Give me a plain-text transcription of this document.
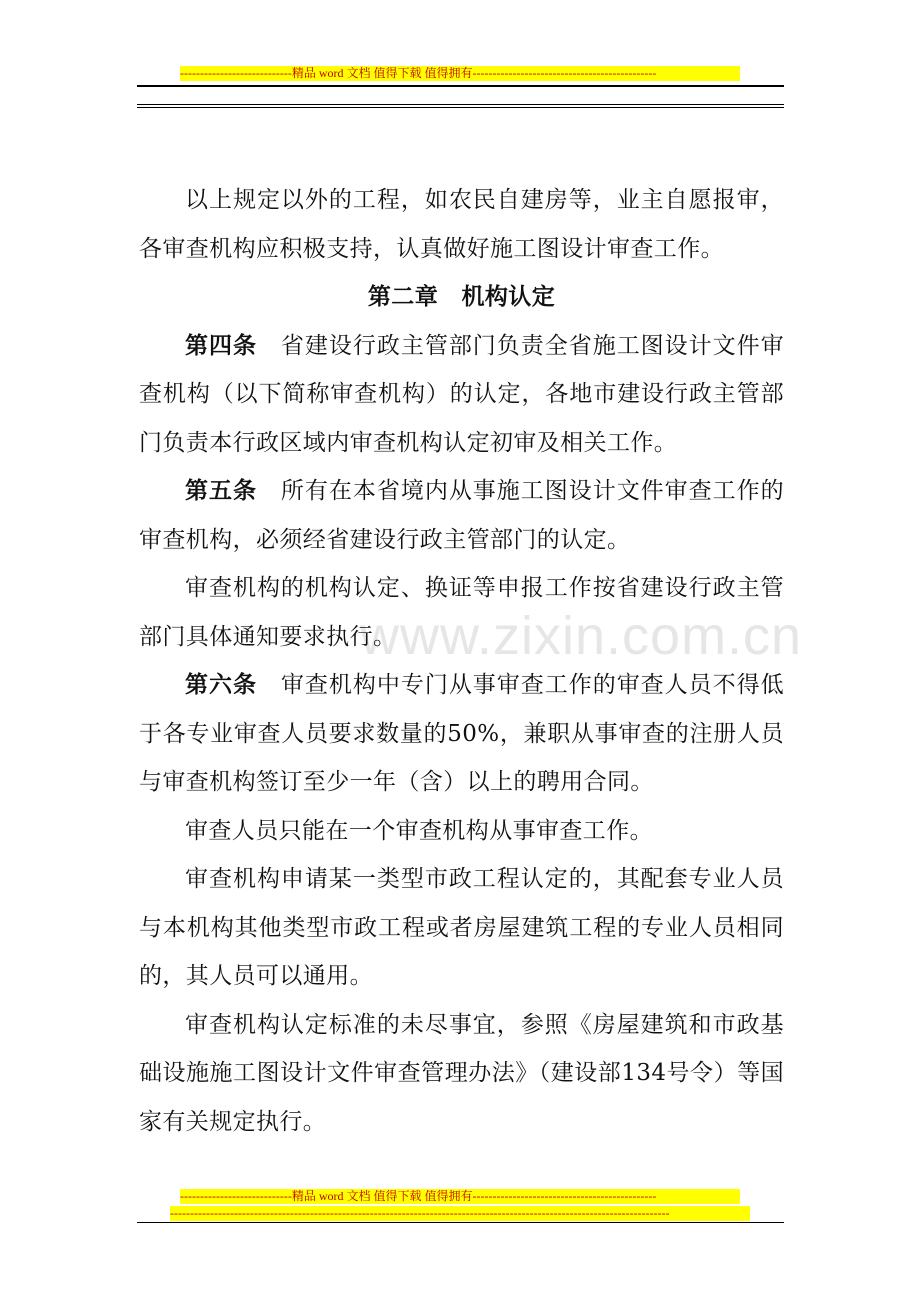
----------------------------精品 word 文档 值得下载 值得拥有----------------------------------------------
www.zixin.com.cn

以上规定以外的工程，如农民自建房等，业主自愿报审，各审查机构应积极支持，认真做好施工图设计审查工作。

第二章　机构认定

第四条　省建设行政主管部门负责全省施工图设计文件审查机构（以下简称审查机构）的认定，各地市建设行政主管部门负责本行政区域内审查机构认定初审及相关工作。

第五条　所有在本省境内从事施工图设计文件审查工作的审查机构，必须经省建设行政主管部门的认定。

审查机构的机构认定、换证等申报工作按省建设行政主管部门具体通知要求执行。

第六条　审查机构中专门从事审查工作的审查人员不得低于各专业审查人员要求数量的50%，兼职从事审查的注册人员与审查机构签订至少一年（含）以上的聘用合同。

审查人员只能在一个审查机构从事审查工作。

审查机构申请某一类型市政工程认定的，其配套专业人员与本机构其他类型市政工程或者房屋建筑工程的专业人员相同的，其人员可以通用。

审查机构认定标准的未尽事宜，参照《房屋建筑和市政基础设施施工图设计文件审查管理办法》（建设部134号令）等国家有关规定执行。

----------------------------精品 word 文档 值得下载 值得拥有----------------------------------------------
-----------------------------------------------------------------------------------------------------------------------------
